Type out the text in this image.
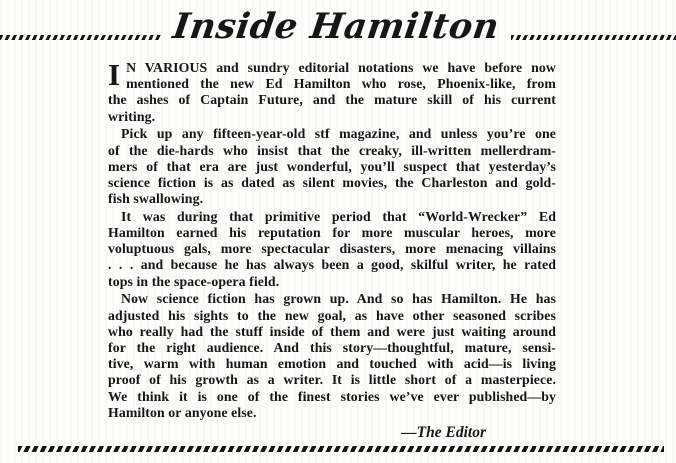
Inside Hamilton
I N VARIOUS and sundry editorial notations we have before now
mentioned the new Ed Hamilton who rose, Phoenix-like, from
the ashes of Captain Future, and the mature skill of his current
writing.
Pick up any fifteen-year-old stf magazine, and unless you’re one
of the die-hards who insist that the creaky, ill-written mellerdram-
mers of that era are just wonderful, you’ll suspect that yesterday’s
science fiction is as dated as silent movies, the Charleston and gold-
fish swallowing.
It was during that primitive period that “World-Wrecker” Ed
Hamilton earned his reputation for more muscular heroes, more
voluptuous gals, more spectacular disasters, more menacing villains
. . . and because he has always been a good, skilful writer, he rated
tops in the space-opera field.
Now science fiction has grown up. And so has Hamilton. He has
adjusted his sights to the new goal, as have other seasoned scribes
who really had the stuff inside of them and were just waiting around
for the right audience. And this story—thoughtful, mature, sensi-
tive, warm with human emotion and touched with acid—is living
proof of his growth as a writer. It is little short of a masterpiece.
We think it is one of the finest stories we’ve ever published—by
Hamilton or anyone else.
—The Editor
